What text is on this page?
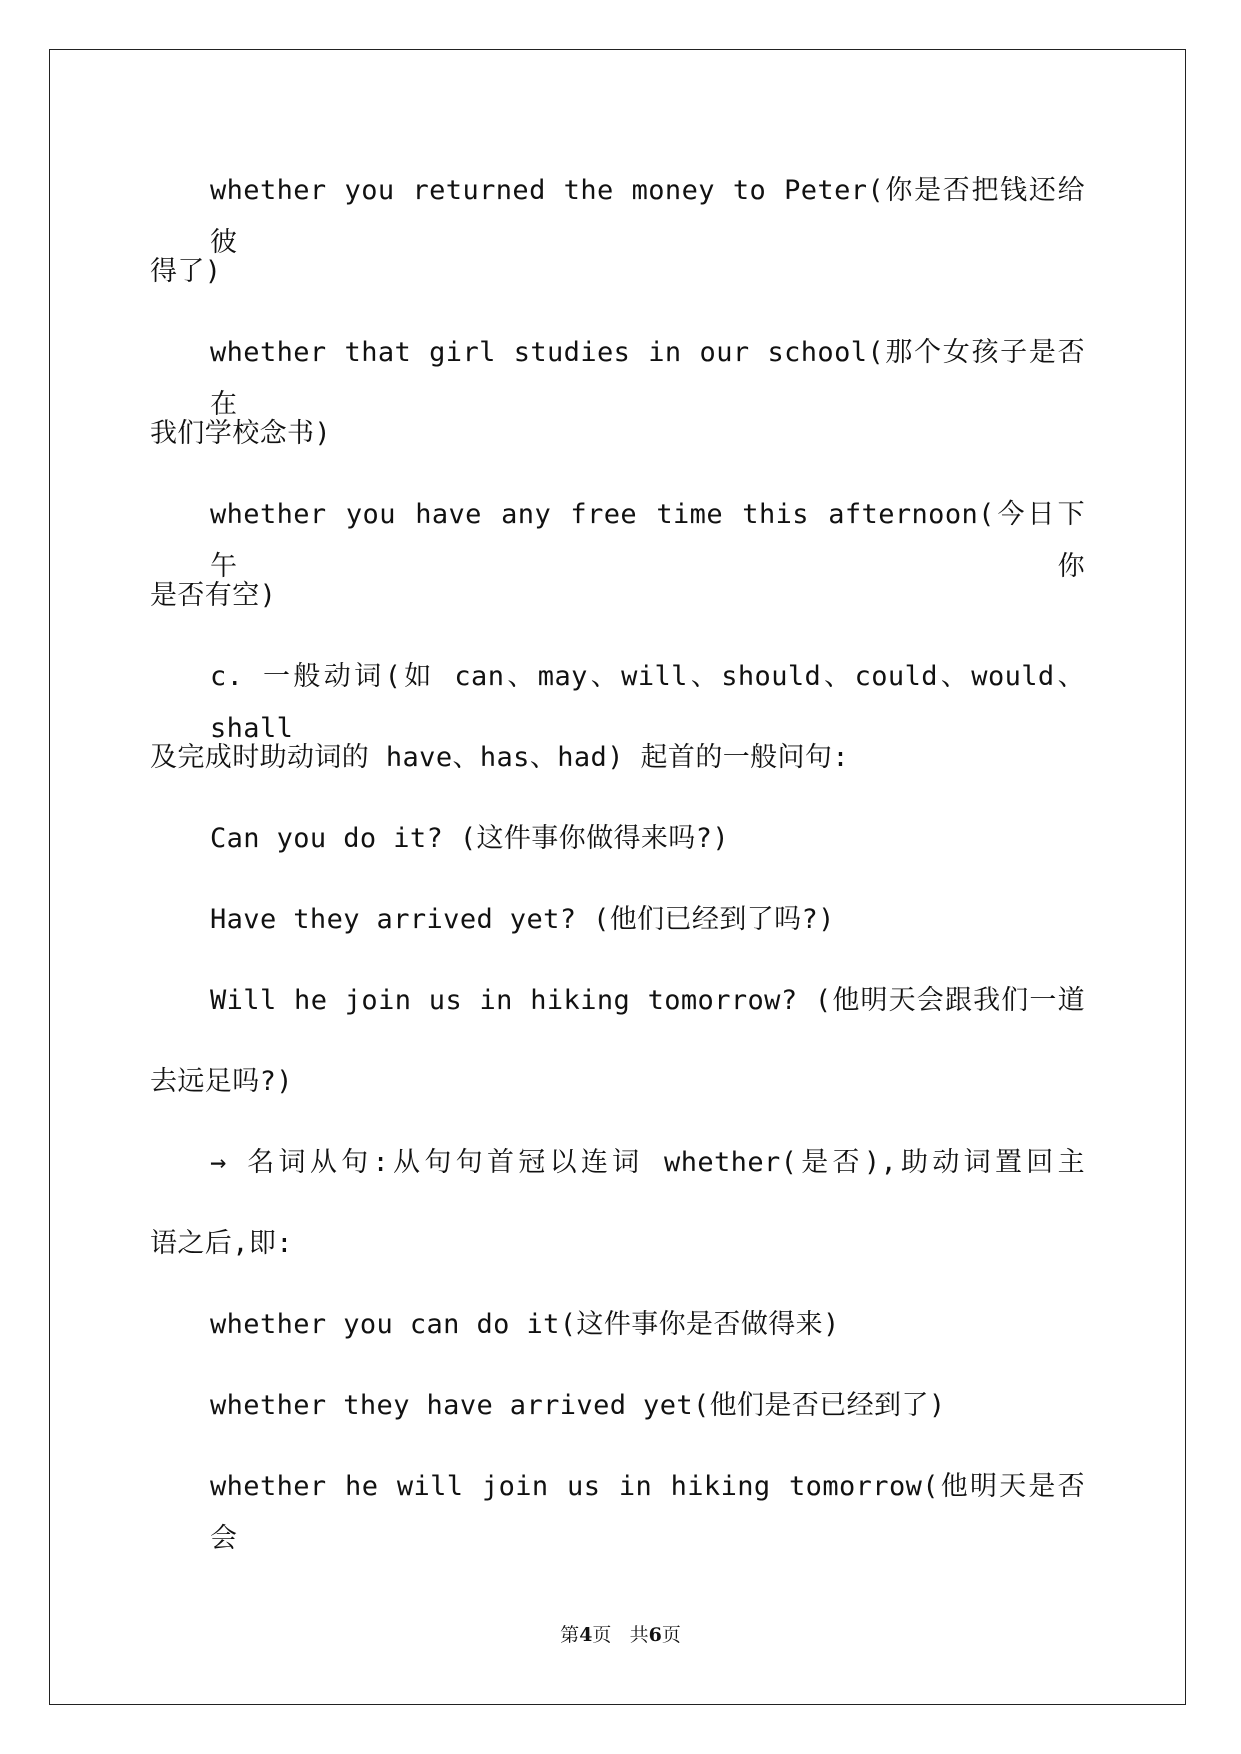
whether you returned the money to Peter(你是否把钱还给彼
得了)
whether that girl studies in our school(那个女孩子是否在
我们学校念书)
whether you have any free time this afternoon(今日下午你
是否有空)
c. 一般动词(如 can、may、will、should、could、would、shall
及完成时助动词的 have、has、had) 起首的一般问句:
Can you do it? (这件事你做得来吗?)
Have they arrived yet? (他们已经到了吗?)
Will he join us in hiking tomorrow? (他明天会跟我们一道
去远足吗?)
→ 名词从句:从句句首冠以连词 whether(是否),助动词置回主
语之后,即:
whether you can do it(这件事你是否做得来)
whether they have arrived yet(他们是否已经到了)
whether he will join us in hiking tomorrow(他明天是否会
第4页 共6页
